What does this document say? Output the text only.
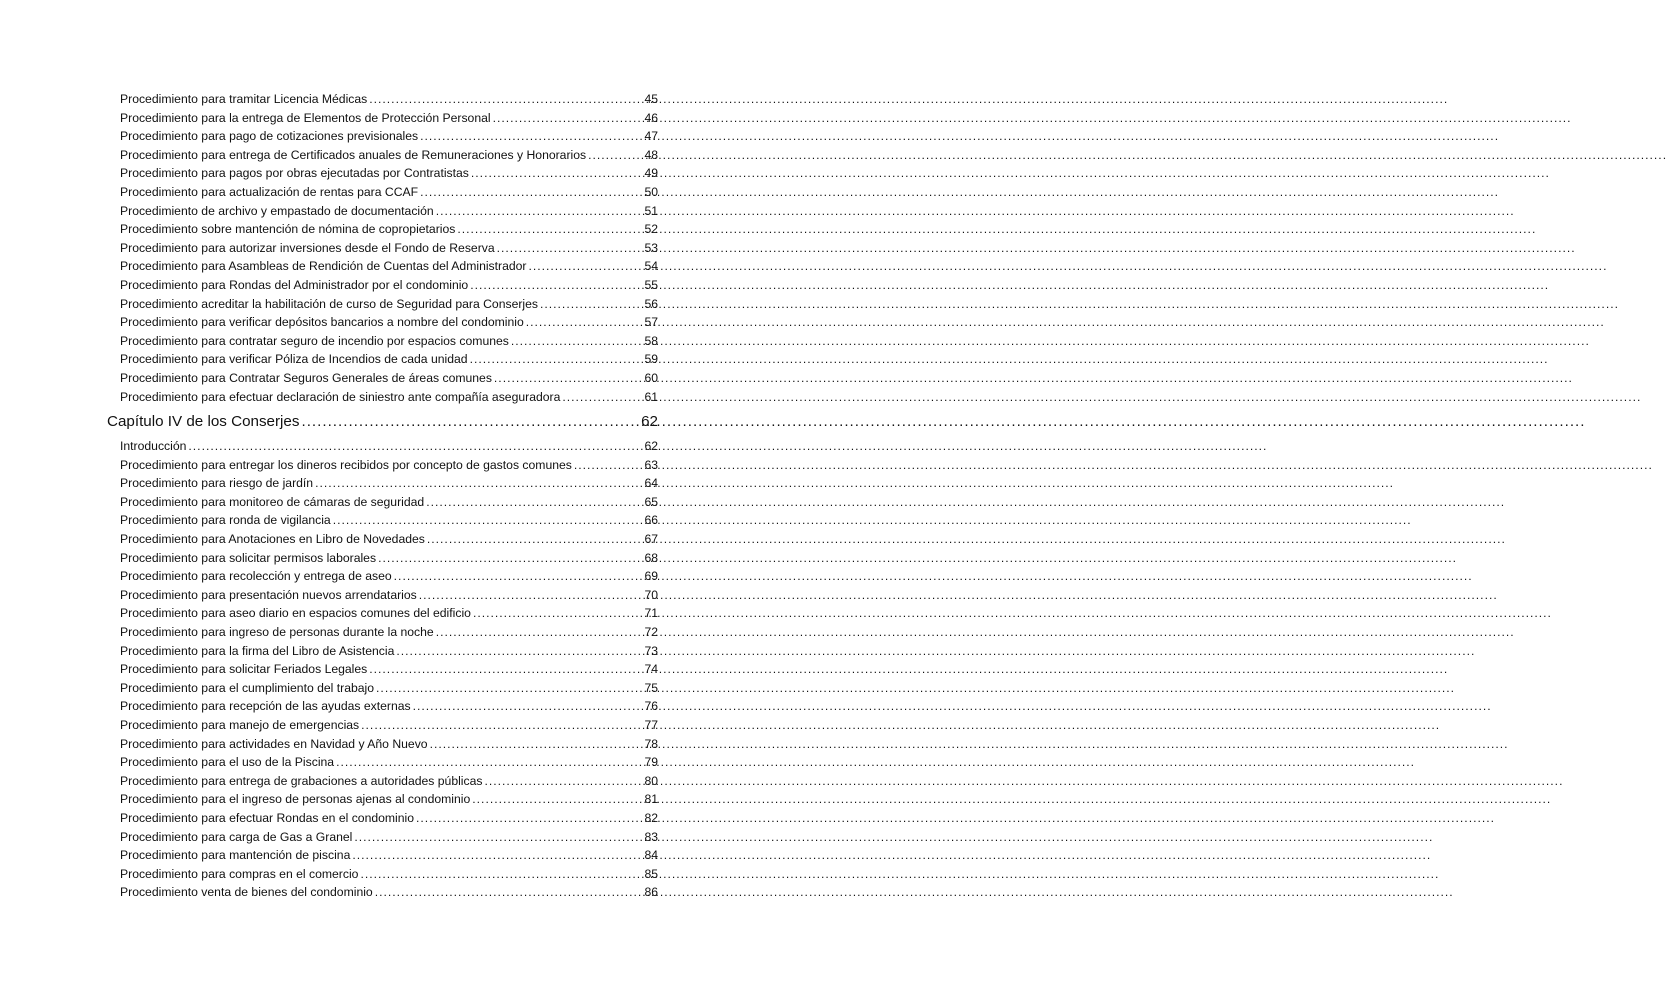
Procedimiento para tramitar Licencia Médicas .....	45
Procedimiento para la entrega de Elementos de Protección Personal .....	46
Procedimiento para pago de cotizaciones previsionales .....	47
Procedimiento para entrega de Certificados anuales de Remuneraciones y Honorarios .....	48
Procedimiento para pagos por obras ejecutadas por Contratistas .....	49
Procedimiento para actualización de rentas para CCAF .....	50
Procedimiento de archivo y empastado de documentación .....	51
Procedimiento sobre mantención de nómina de copropietarios .....	52
Procedimiento para autorizar inversiones desde el Fondo de Reserva .....	53
Procedimiento para Asambleas de Rendición de Cuentas del Administrador .....	54
Procedimiento para Rondas del Administrador por el condominio .....	55
Procedimiento acreditar la habilitación de curso de Seguridad para Conserjes .....	56
Procedimiento para verificar depósitos bancarios a nombre del condominio .....	57
Procedimiento para contratar seguro de incendio por espacios comunes .....	58
Procedimiento para verificar Póliza de Incendios de cada unidad .....	59
Procedimiento para Contratar Seguros Generales de áreas comunes .....	60
Procedimiento para efectuar declaración de siniestro ante compañía aseguradora .....	61
Capítulo IV de los Conserjes .....	62
Introducción .....	62
Procedimiento para entregar los dineros recibidos por concepto de gastos comunes .....	63
Procedimiento para riesgo de jardín .....	64
Procedimiento para monitoreo de cámaras de seguridad .....	65
Procedimiento para ronda de vigilancia .....	66
Procedimiento para Anotaciones en Libro de Novedades .....	67
Procedimiento para solicitar permisos laborales .....	68
Procedimiento para recolección y entrega de aseo .....	69
Procedimiento para presentación nuevos arrendatarios .....	70
Procedimiento para aseo diario en espacios comunes del edificio .....	71
Procedimiento para ingreso de personas durante la noche .....	72
Procedimiento para la firma del Libro de Asistencia .....	73
Procedimiento para solicitar Feriados Legales .....	74
Procedimiento para el cumplimiento del trabajo .....	75
Procedimiento para recepción de las ayudas externas .....	76
Procedimiento para manejo de emergencias .....	77
Procedimiento para actividades en Navidad y Año Nuevo .....	78
Procedimiento para el uso de la Piscina .....	79
Procedimiento para entrega de grabaciones a autoridades públicas .....	80
Procedimiento para el ingreso de personas ajenas al condominio .....	81
Procedimiento para efectuar Rondas en el condominio .....	82
Procedimiento para carga de Gas a Granel .....	83
Procedimiento para mantención de piscina .....	84
Procedimiento para compras en el comercio .....	85
Procedimiento venta de bienes del condominio .....	86
